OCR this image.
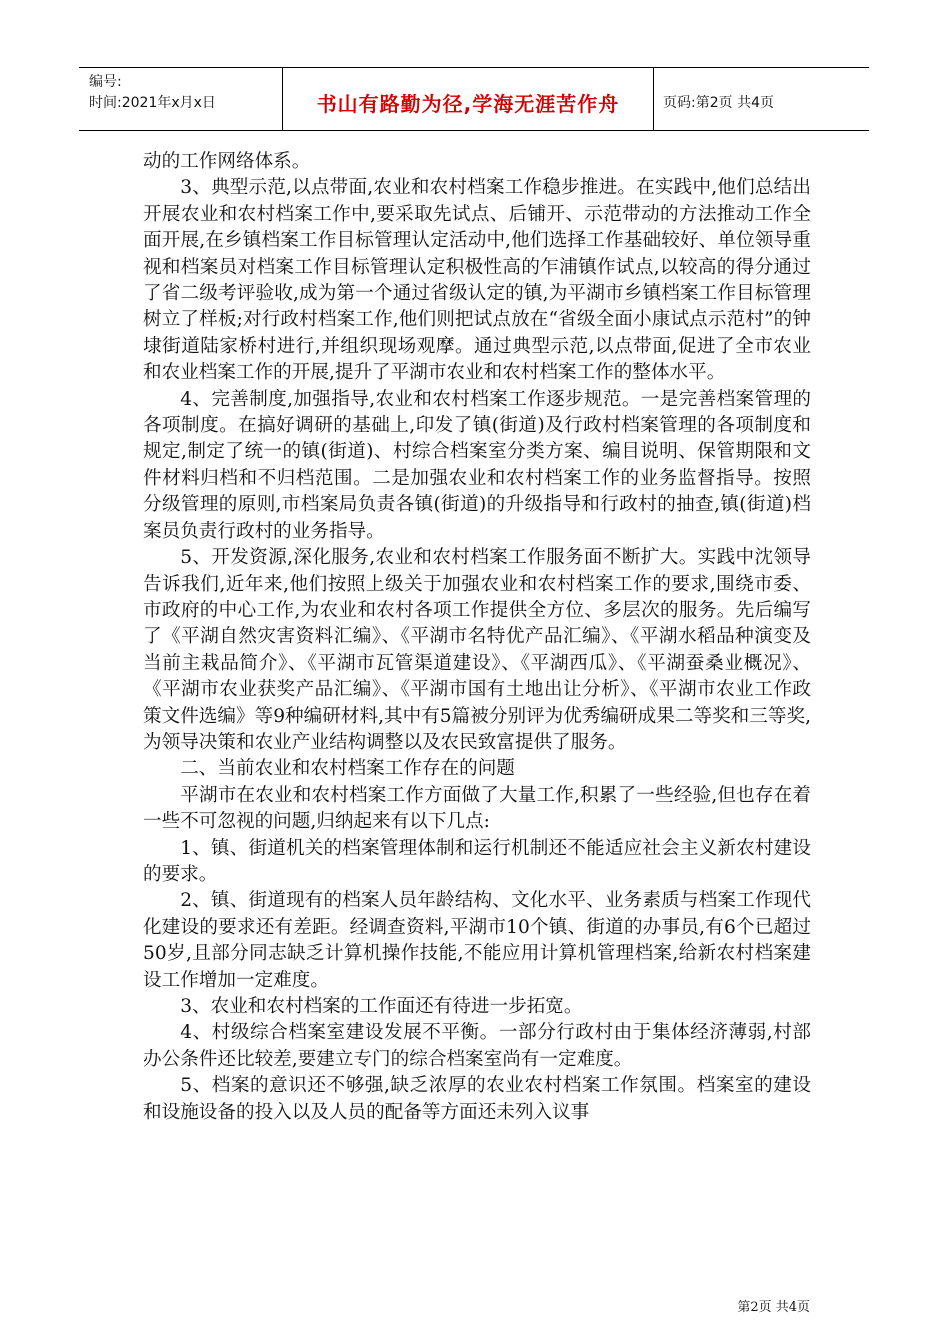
编号:
时间:2021年x月x日	书山有路勤为径,学海无涯苦作舟	页码:第2页 共4页

动的工作网络体系。

3、典型示范,以点带面,农业和农村档案工作稳步推进。在实践中,他们总结出开展农业和农村档案工作中,要采取先试点、后铺开、示范带动的方法推动工作全面开展,在乡镇档案工作目标管理认定活动中,他们选择工作基础较好、单位领导重视和档案员对档案工作目标管理认定积极性高的乍浦镇作试点,以较高的得分通过了省二级考评验收,成为第一个通过省级认定的镇,为平湖市乡镇档案工作目标管理树立了样板;对行政村档案工作,他们则把试点放在“省级全面小康试点示范村”的钟埭街道陆家桥村进行,并组织现场观摩。通过典型示范,以点带面,促进了全市农业和农业档案工作的开展,提升了平湖市农业和农村档案工作的整体水平。

4、完善制度,加强指导,农业和农村档案工作逐步规范。一是完善档案管理的各项制度。在搞好调研的基础上,印发了镇(街道)及行政村档案管理的各项制度和规定,制定了统一的镇(街道)、村综合档案室分类方案、编目说明、保管期限和文件材料归档和不归档范围。二是加强农业和农村档案工作的业务监督指导。按照分级管理的原则,市档案局负责各镇(街道)的升级指导和行政村的抽查,镇(街道)档案员负责行政村的业务指导。

5、开发资源,深化服务,农业和农村档案工作服务面不断扩大。实践中沈领导告诉我们,近年来,他们按照上级关于加强农业和农村档案工作的要求,围绕市委、市政府的中心工作,为农业和农村各项工作提供全方位、多层次的服务。先后编写了《平湖自然灾害资料汇编》、《平湖市名特优产品汇编》、《平湖水稻品种演变及当前主栽品简介》、《平湖市瓦管渠道建设》、《平湖西瓜》、《平湖蚕桑业概况》、《平湖市农业获奖产品汇编》、《平湖市国有土地出让分析》、《平湖市农业工作政策文件选编》等9种编研材料,其中有5篇被分别评为优秀编研成果二等奖和三等奖,为领导决策和农业产业结构调整以及农民致富提供了服务。

二、当前农业和农村档案工作存在的问题

平湖市在农业和农村档案工作方面做了大量工作,积累了一些经验,但也存在着一些不可忽视的问题,归纳起来有以下几点:

1、镇、街道机关的档案管理体制和运行机制还不能适应社会主义新农村建设的要求。

2、镇、街道现有的档案人员年龄结构、文化水平、业务素质与档案工作现代化建设的要求还有差距。经调查资料,平湖市10个镇、街道的办事员,有6个已超过50岁,且部分同志缺乏计算机操作技能,不能应用计算机管理档案,给新农村档案建设工作增加一定难度。

3、农业和农村档案的工作面还有待进一步拓宽。

4、村级综合档案室建设发展不平衡。一部分行政村由于集体经济薄弱,村部办公条件还比较差,要建立专门的综合档案室尚有一定难度。

5、档案的意识还不够强,缺乏浓厚的农业农村档案工作氛围。档案室的建设和设施设备的投入以及人员的配备等方面还未列入议事

第2页 共4页
